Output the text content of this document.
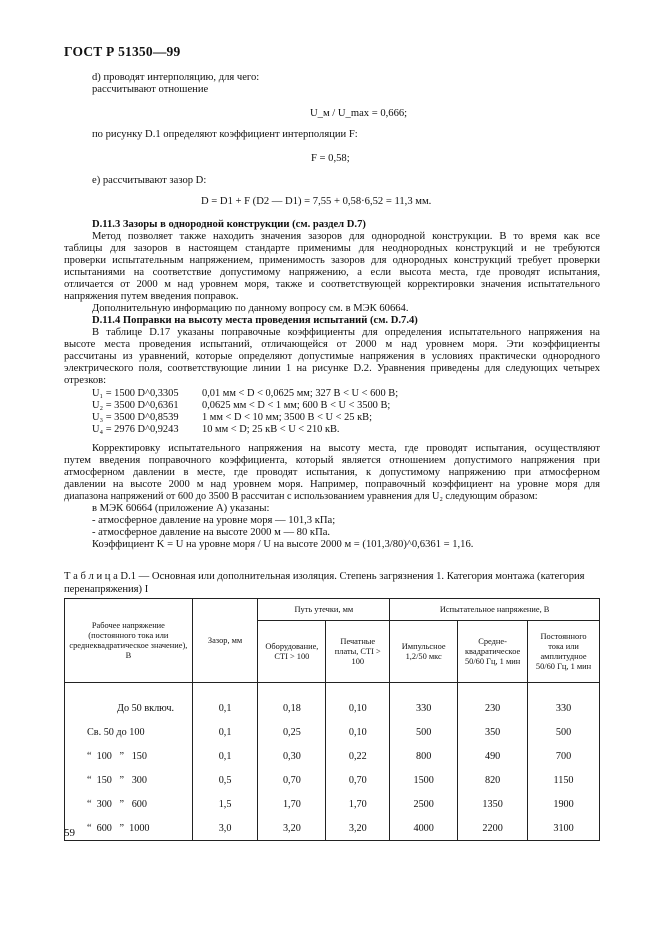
ГОСТ Р 51350—99
d) проводят интерполяцию, для чего:
рассчитывают отношение
U_м / U_max = 0,666;
по рисунку D.1 определяют коэффициент интерполяции F:
F = 0,58;
e) рассчитывают зазор D:
D = D1 + F (D2 — D1) = 7,55 + 0,58·6,52 = 11,3 мм.
D.11.3 Зазоры в однородной конструкции (см. раздел D.7)
Метод позволяет также находить значения зазоров для однородной конструкции. В то время как все
таблицы для зазоров в настоящем стандарте применимы для неоднородных конструкций и не требуются
проверки испытательным напряжением, применимость зазоров для однородных конструкций требует проверки
испытаниями на соответствие допустимому напряжению, а если высота места, где проводят испытания,
отличается от 2000 м над уровнем моря, также и соответствующей корректировки значения испытательного
напряжения путем введения поправок.
Дополнительную информацию по данному вопросу см. в МЭК 60664.
D.11.4 Поправки на высоту места проведения испытаний (см. D.7.4)
В таблице D.17 указаны поправочные коэффициенты для определения испытательного напряжения на
высоте места проведения испытаний, отличающейся от 2000 м над уровнем моря. Эти коэффициенты
рассчитаны из уравнений, которые определяют допустимые напряжения в условиях практически однородного
электрического поля, соответствующие линии 1 на рисунке D.2. Уравнения приведены для следующих четырех
отрезков:
U₁ = 1500 D^0,3305 0,01 мм < D < 0,0625 мм; 327 В < U < 600 В;
U₂ = 3500 D^0,6361 0,0625 мм < D < 1 мм; 600 В < U < 3500 В;
U₃ = 3500 D^0,8539 1 мм < D < 10 мм; 3500 В < U < 25 кВ;
U₄ = 2976 D^0,9243 10 мм < D; 25 кВ < U < 210 кВ.
Корректировку испытательного напряжения на высоту места, где проводят испытания, осуществляют
путем введения поправочного коэффициента, который является отношением допустимого напряжения при
атмосферном давлении в месте, где проводят испытания, к допустимому напряжению при атмосферном
давлении на высоте 2000 м над уровнем моря. Например, поправочный коэффициент на уровне моря для
диапазона напряжений от 600 до 3500 В рассчитан с использованием уравнения для U₂ следующим образом:
в МЭК 60664 (приложение А) указаны:
- атмосферное давление на уровне моря — 101,3 кПа;
- атмосферное давление на высоте 2000 м — 80 кПа.
Коэффициент K = U на уровне моря / U на высоте 2000 м = (101,3/80)^0,6361 = 1,16.
Т а б л и ц а D.1 — Основная или дополнительная изоляция. Степень загрязнения 1. Категория монтажа (категория перенапряжения) I
Рабочее напряжение (постоянного тока или среднеквадратическое значение), В	Зазор, мм	Путь утечки, мм		Испытательное напряжение, В		
		Оборудование, СТI > 100	Печатные платы, СТI > 100	Импульсное 1,2/50 мкс	Средне-квадратическое 50/60 Гц, 1 мин	Постоянного тока или амплитудное 50/60 Гц, 1 мин
До 50 включ.	0,1	0,18	0,10	330	230	330
Св. 50 до 100	0,1	0,25	0,10	500	350	500
“  100   ”   150	0,1	0,30	0,22	800	490	700
“  150   ”   300	0,5	0,70	0,70	1500	820	1150
“  300   ”   600	1,5	1,70	1,70	2500	1350	1900
“  600   ”  1000	3,0	3,20	3,20	4000	2200	3100
59
